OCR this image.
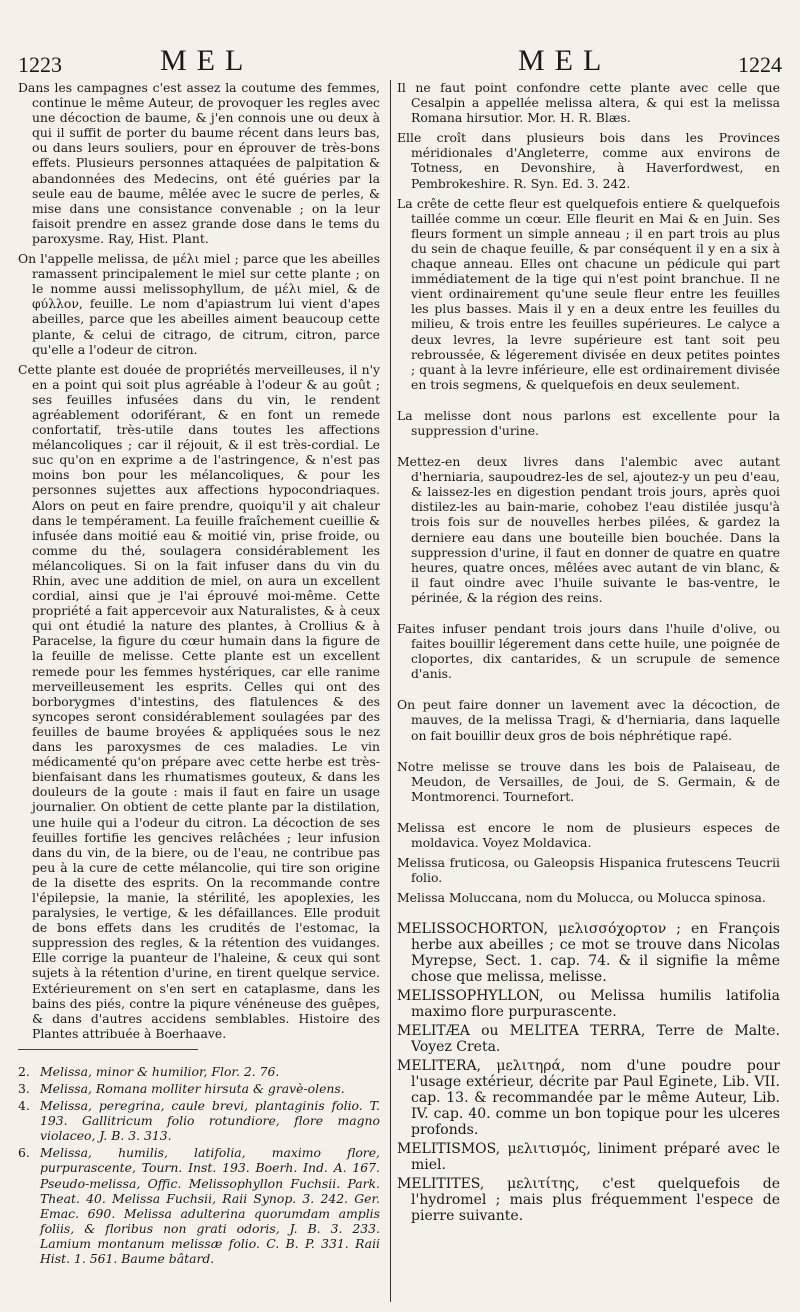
1223	MEL	MEL	1224

Dans les campagnes c'est assez la coutume des femmes, continue le même Auteur, de provoquer les regles avec une décoction de baume, & j'en connois une ou deux à qui il suffit de porter du baume récent dans leurs bas, ou dans leurs souliers, pour en éprouver de très-bons effets. Plusieurs personnes attaquées de palpitation & abandonnées des Medecins, ont été guéries par la seule eau de baume, mêlée avec le sucre de perles, & mise dans une consistance convenable ; on la leur faisoit prendre en assez grande dose dans le tems du paroxysme. Ray, Hist. Plant.

On l'appelle melissa, de μέλι miel ; parce que les abeilles ramassent principalement le miel sur cette plante ; on le nomme aussi melissophyllum, de μέλι miel, & de φύλλον, feuille. Le nom d'apiastrum lui vient d'apes abeilles, parce que les abeilles aiment beaucoup cette plante, & celui de citrago, de citrum, citron, parce qu'elle a l'odeur de citron.

Cette plante est douée de propriétés merveilleuses, il n'y en a point qui soit plus agréable à l'odeur & au goût ; ses feuilles infusées dans du vin, le rendent agréablement odoriférant, & en font un remede confortatif, très-utile dans toutes les affections mélancoliques ; car il réjouit, & il est très-cordial. Le suc qu'on en exprime a de l'astringence, & n'est pas moins bon pour les mélancoliques, & pour les personnes sujettes aux affections hypocondriaques. Alors on peut en faire prendre, quoiqu'il y ait chaleur dans le tempérament. La feuille fraîchement cueillie & infusée dans moitié eau & moitié vin, prise froide, ou comme du thé, soulagera considérablement les mélancoliques. Si on la fait infuser dans du vin du Rhin, avec une addition de miel, on aura un excellent cordial, ainsi que je l'ai éprouvé moi-même. Cette propriété a fait appercevoir aux Naturalistes, & à ceux qui ont étudié la nature des plantes, à Crollius & à Paracelse, la figure du cœur humain dans la figure de la feuille de melisse. Cette plante est un excellent remede pour les femmes hystériques, car elle ranime merveilleusement les esprits. Celles qui ont des borborygmes d'intestins, des flatulences & des syncopes seront considérablement soulagées par des feuilles de baume broyées & appliquées sous le nez dans les paroxysmes de ces maladies. Le vin médicamenté qu'on prépare avec cette herbe est très-bienfaisant dans les rhumatismes gouteux, & dans les douleurs de la goute : mais il faut en faire un usage journalier. On obtient de cette plante par la distilation, une huile qui a l'odeur du citron. La décoction de ses feuilles fortifie les gencives relâchées ; leur infusion dans du vin, de la biere, ou de l'eau, ne contribue pas peu à la cure de cette mélancolie, qui tire son origine de la disette des esprits. On la recommande contre l'épilepsie, la manie, la stérilité, les apoplexies, les paralysies, le vertige, & les défaillances. Elle produit de bons effets dans les crudités de l'estomac, la suppression des regles, & la rétention des vuidanges. Elle corrige la puanteur de l'haleine, & ceux qui sont sujets à la rétention d'urine, en tirent quelque service. Extérieurement on s'en sert en cataplasme, dans les bains des piés, contre la piqure vénéneuse des guêpes, & dans d'autres accidens semblables. Histoire des Plantes attribuée à Boerhaave.

2. Melissa, minor & humilior, Flor. 2. 76.
3. Melissa, Romana molliter hirsuta & gravè-olens.
4. Melissa, peregrina, caule brevi, plantaginis folio. T. 193. Gallitricum folio rotundiore, flore magno violaceo, J. B. 3. 313.
6. Melissa, humilis, latifolia, maximo flore, purpurascente, Tourn. Inst. 193. Boerh. Ind. A. 167. Pseudo-melissa, Offic. Melissophyllon Fuchsii. Park. Theat. 40. Melissa Fuchsii, Raii Synop. 3. 242. Ger. Emac. 690. Melissa adulterina quorumdam amplis foliis, & floribus non grati odoris, J. B. 3. 233. Lamium montanum melissæ folio. C. B. P. 331. Raii Hist. 1. 561. Baume bâtard.

Il ne faut point confondre cette plante avec celle que Cesalpin a appellée melissa altera, & qui est la melissa Romana hirsutior. Mor. H. R. Blæs.

Elle croît dans plusieurs bois dans les Provinces méridionales d'Angleterre, comme aux environs de Totness, en Devonshire, à Haverfordwest, en Pembrokeshire. R. Syn. Ed. 3. 242.

La crête de cette fleur est quelquefois entiere & quelquefois taillée comme un cœur. Elle fleurit en Mai & en Juin. Ses fleurs forment un simple anneau ; il en part trois au plus du sein de chaque feuille, & par conséquent il y en a six à chaque anneau. Elles ont chacune un pédicule qui part immédiatement de la tige qui n'est point branchue. Il ne vient ordinairement qu'une seule fleur entre les feuilles les plus basses. Mais il y en a deux entre les feuilles du milieu, & trois entre les feuilles supérieures. Le calyce a deux levres, la levre supérieure est tant soit peu rebroussée, & légerement divisée en deux petites pointes ; quant à la levre inférieure, elle est ordinairement divisée en trois segmens, & quelquefois en deux seulement.

La melisse dont nous parlons est excellente pour la suppression d'urine.

Mettez-en deux livres dans l'alembic avec autant d'herniaria, saupoudrez-les de sel, ajoutez-y un peu d'eau, & laissez-les en digestion pendant trois jours, après quoi distilez-les au bain-marie, cohobez l'eau distilée jusqu'à trois fois sur de nouvelles herbes pilées, & gardez la derniere eau dans une bouteille bien bouchée. Dans la suppression d'urine, il faut en donner de quatre en quatre heures, quatre onces, mêlées avec autant de vin blanc, & il faut oindre avec l'huile suivante le bas-ventre, le périnée, & la région des reins.

Faites infuser pendant trois jours dans l'huile d'olive, ou faites bouillir légerement dans cette huile, une poignée de cloportes, dix cantarides, & un scrupule de semence d'anis.

On peut faire donner un lavement avec la décoction, de mauves, de la melissa Tragi, & d'herniaria, dans laquelle on fait bouillir deux gros de bois néphrétique rapé.

Notre melisse se trouve dans les bois de Palaiseau, de Meudon, de Versailles, de Joui, de S. Germain, & de Montmorenci. Tournefort.

Melissa est encore le nom de plusieurs especes de moldavica. Voyez Moldavica.

Melissa fruticosa, ou Galeopsis Hispanica frutescens Teucrii folio.

Melissa Moluccana, nom du Molucca, ou Molucca spinosa.

MELISSOCHORTON, μελισσόχορτον ; en François herbe aux abeilles ; ce mot se trouve dans Nicolas Myrepse, Sect. 1. cap. 74. & il signifie la même chose que melissa, melisse.

MELISSOPHYLLON, ou Melissa humilis latifolia maximo flore purpurascente.

MELITÆA ou MELITEA TERRA, Terre de Malte. Voyez Creta.

MELITERA, μελιτηρά, nom d'une poudre pour l'usage extérieur, décrite par Paul Eginete, Lib. VII. cap. 13. & recommandée par le même Auteur, Lib. IV. cap. 40. comme un bon topique pour les ulceres profonds.

MELITISMOS, μελιτισμός, liniment préparé avec le miel.

MELITITES, μελιτίτης, c'est quelquefois de l'hydromel ; mais plus fréquemment l'espece de pierre suivante.
